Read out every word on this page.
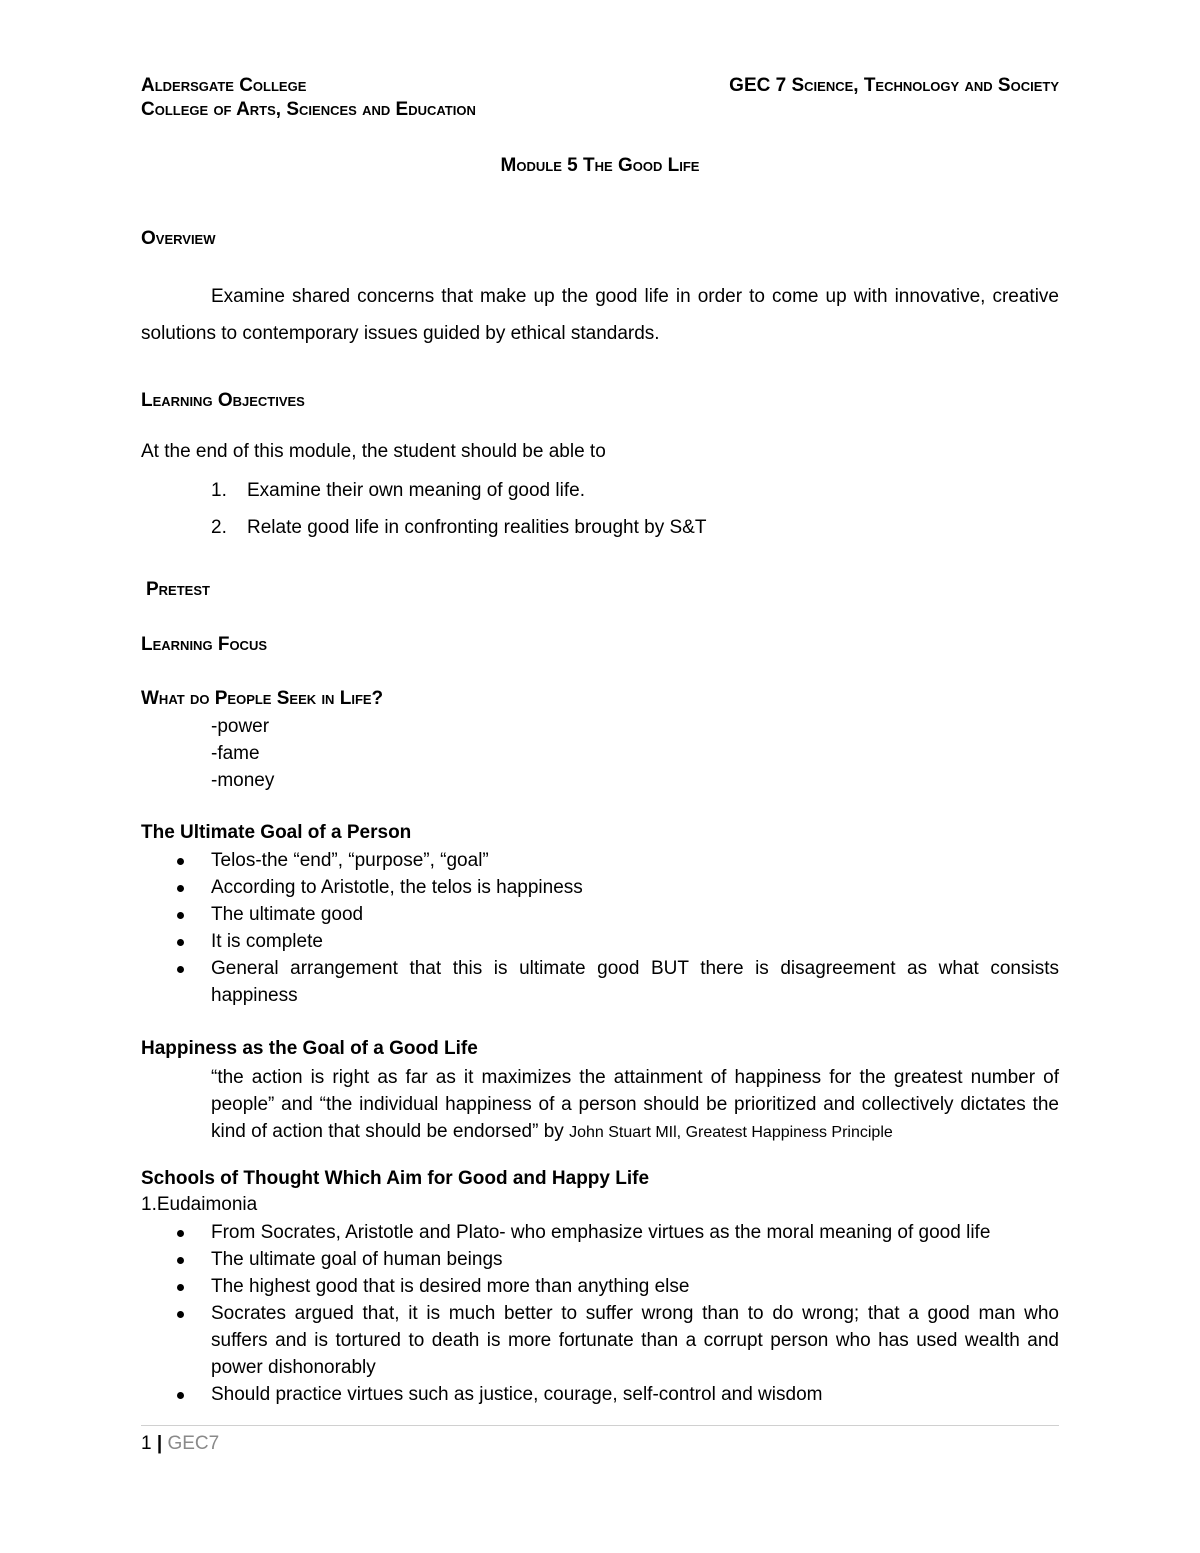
Aldersgate College
College of Arts, Sciences and Education
GEC 7 Science, Technology and Society
Module 5 The Good Life
Overview
Examine shared concerns that make up the good life in order to come up with innovative, creative solutions to contemporary issues guided by ethical standards.
Learning Objectives
At the end of this module, the student should be able to
1. Examine their own meaning of good life.
2. Relate good life in confronting realities brought by S&T
Pretest
Learning Focus
What do People Seek in Life?
-power
-fame
-money
The Ultimate Goal of a Person
Telos-the “end”, “purpose”, “goal”
According to Aristotle, the telos is happiness
The ultimate good
It is complete
General arrangement that this is ultimate good BUT there is disagreement as what consists happiness
Happiness as the Goal of a Good Life
“the action is right as far as it maximizes the attainment of happiness for the greatest number of people” and “the individual happiness of a person should be prioritized and collectively dictates the kind of action that should be endorsed” by John Stuart MIl, Greatest Happiness Principle
Schools of Thought Which Aim for Good and Happy Life
1.Eudaimonia
From Socrates, Aristotle and Plato- who emphasize virtues as the moral meaning of good life
The ultimate goal of human beings
The highest good that is desired more than anything else
Socrates argued that, it is much better to suffer wrong than to do wrong; that a good man who suffers and is tortured to death is more fortunate than a corrupt person who has used wealth and power dishonorably
Should practice virtues such as justice, courage, self-control and wisdom
1 | GEC7
